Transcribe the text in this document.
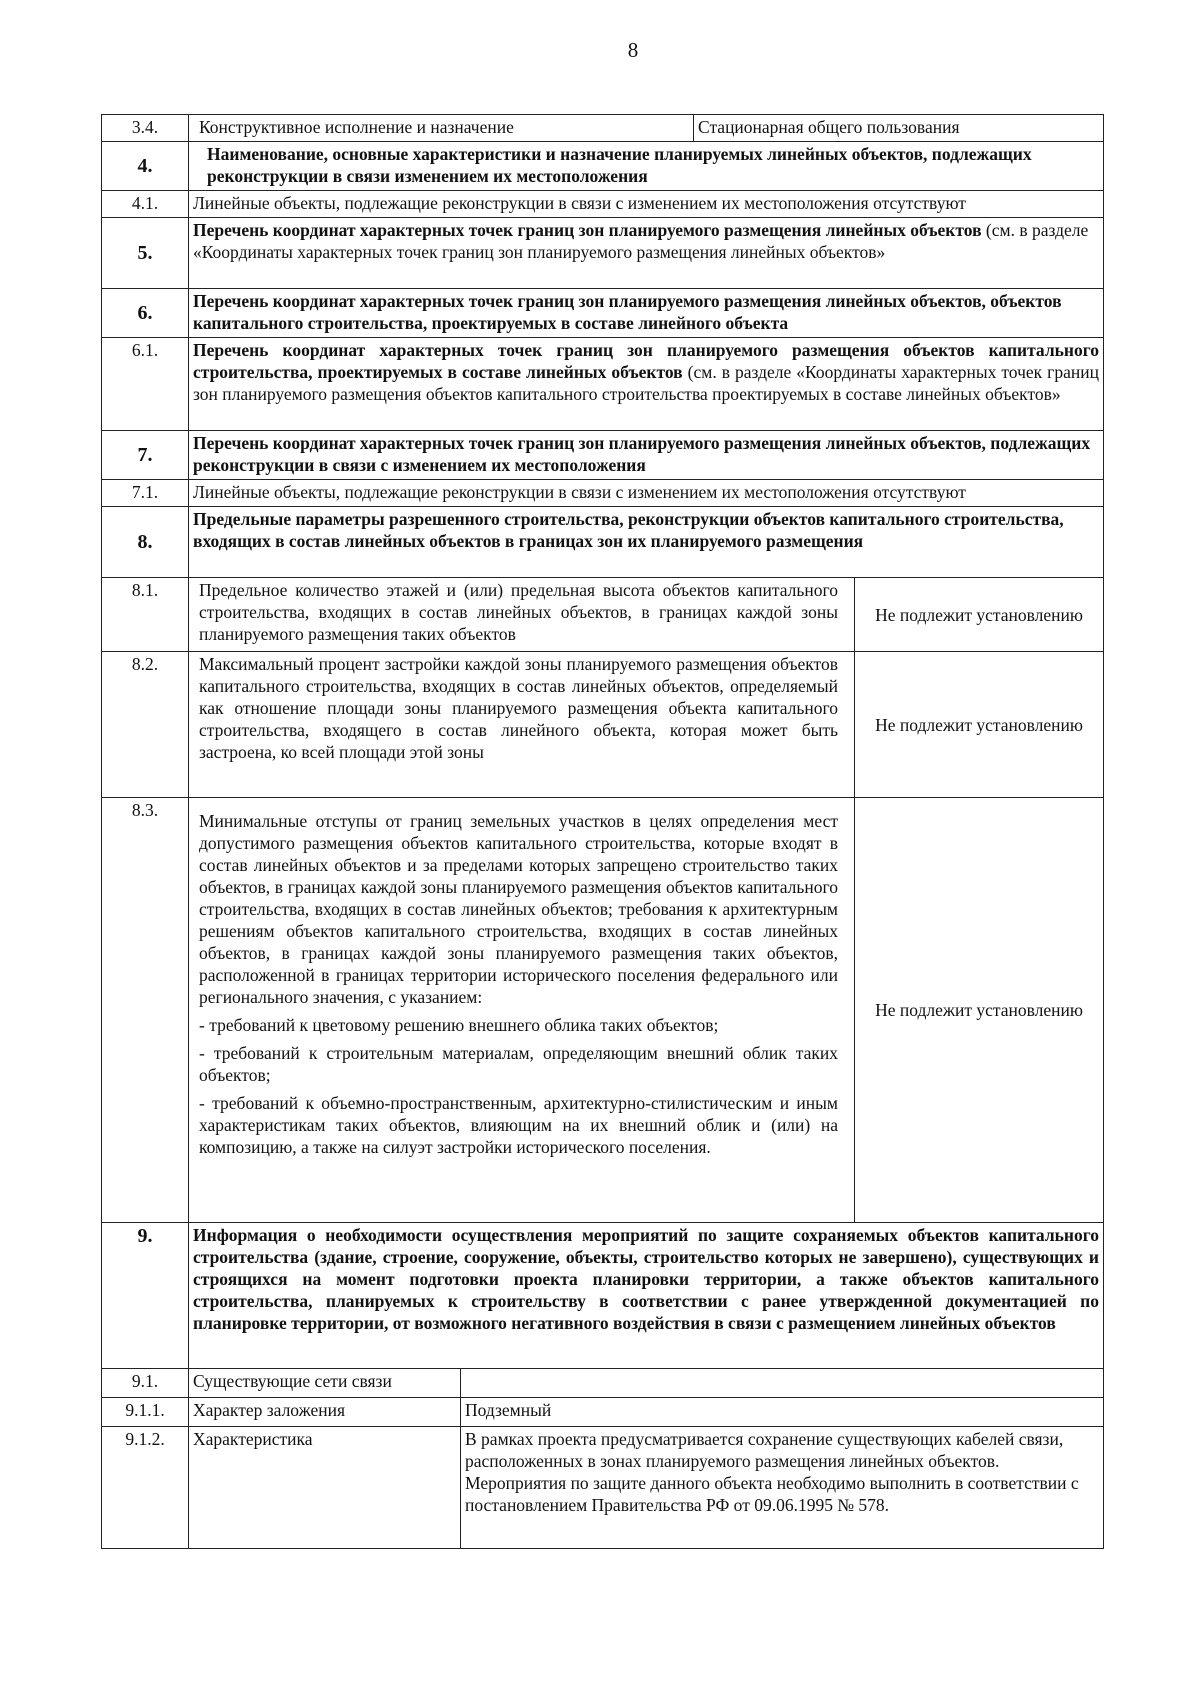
8
3.4.	Конструктивное исполнение и назначение		Стационарная общего пользования	
4.	Наименование, основные характеристики и назначение планируемых линейных объектов, подлежащих реконструкции в связи изменением их местоположения			
4.1.	Линейные объекты, подлежащие реконструкции в связи с изменением их местоположения отсутствуют			
5.	Перечень координат характерных точек границ зон планируемого размещения линейных объектов (см. в разделе «Координаты характерных точек границ зон планируемого размещения линейных объектов»			
6.	Перечень координат характерных точек границ зон планируемого размещения линейных объектов, объектов капитального строительства, проектируемых в составе линейного объекта			
6.1.	Перечень координат характерных точек границ зон планируемого размещения объектов капитального строительства, проектируемых в составе линейных объектов (см. в разделе «Координаты характерных точек границ зон планируемого размещения объектов капитального строительства проектируемых в составе линейных объектов»			
7.	Перечень координат характерных точек границ зон планируемого размещения линейных объектов, подлежащих реконструкции в связи с изменением их местоположения			
7.1.	Линейные объекты, подлежащие реконструкции в связи с изменением их местоположения отсутствуют			
8.	Предельные параметры разрешенного строительства, реконструкции объектов капитального строительства, входящих в состав линейных объектов в границах зон их планируемого размещения			
8.1.	Предельное количество этажей и (или) предельная высота объектов капитального строительства, входящих в состав линейных объектов, в границах каждой зоны планируемого размещения таких объектов			Не подлежит установлению
8.2.	Максимальный процент застройки каждой зоны планируемого размещения объектов капитального строительства, входящих в состав линейных объектов, определяемый как отношение площади зоны планируемого размещения объекта капитального строительства, входящего в состав линейного объекта, которая может быть застроена, ко всей площади этой зоны			Не подлежит установлению
8.3.	Минимальные отступы от границ земельных участков в целях определения мест допустимого размещения объектов капитального строительства, которые входят в состав линейных объектов и за пределами которых запрещено строительство таких объектов, в границах каждой зоны планируемого размещения объектов капитального строительства, входящих в состав линейных объектов; требования к архитектурным решениям объектов капитального строительства, входящих в состав линейных объектов, в границах каждой зоны планируемого размещения таких объектов, расположенной в границах территории исторического поселения федерального или регионального значения, с указанием:

- требований к цветовому решению внешнего облика таких объектов;

- требований к строительным материалам, определяющим внешний облик таких объектов;

- требований к объемно-пространственным, архитектурно-стилистическим и иным характеристикам таких объектов, влияющим на их внешний облик и (или) на композицию, а также на силуэт застройки исторического поселения.			Не подлежит установлению
9.	Информация о необходимости осуществления мероприятий по защите сохраняемых объектов капитального строительства (здание, строение, сооружение, объекты, строительство которых не завершено), существующих и строящихся на момент подготовки проекта планировки территории, а также объектов капитального строительства, планируемых к строительству в соответствии с ранее утвержденной документацией по планировке территории, от возможного негативного воздействия в связи с размещением линейных объектов			
9.1.	Существующие сети связи			
9.1.1.	Характер заложения	Подземный		
9.1.2.	Характеристика	В рамках проекта предусматривается сохранение существующих кабелей связи, расположенных в зонах планируемого размещения линейных объектов. Мероприятия по защите данного объекта необходимо выполнить в соответствии с постановлением Правительства РФ от 09.06.1995 № 578.		
